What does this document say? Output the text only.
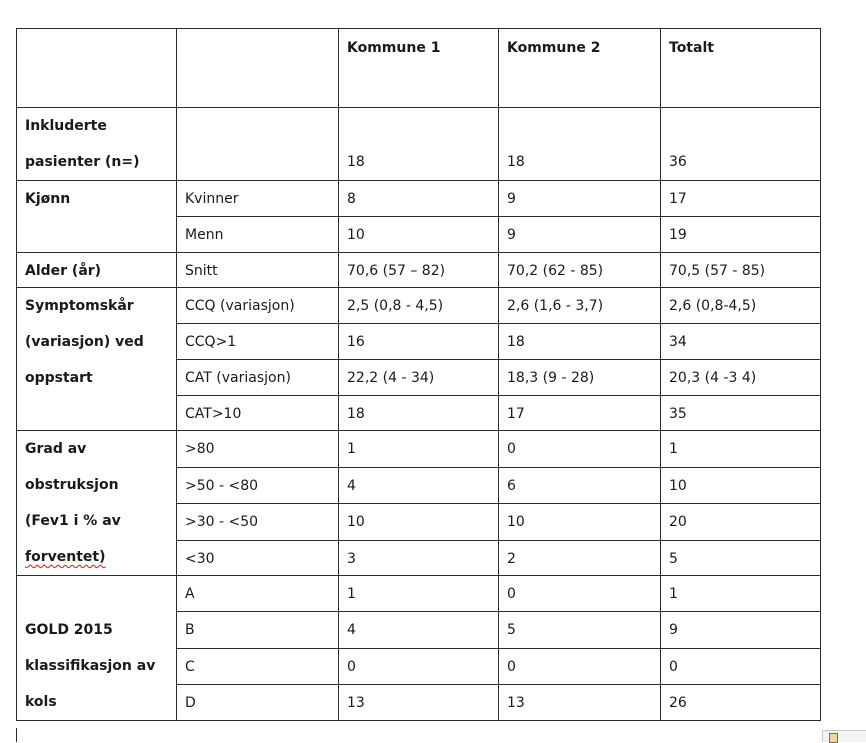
		Kommune 1	Kommune 2	Totalt

Inkluderte
pasienter (n=)		18	18	36

Kjønn	Kvinner	8	9	17
	Menn	10	9	19
Alder (år)	Snitt	70,6 (57 – 82)	70,2 (62 - 85)	70,5 (57 - 85)

Symptomskår
(variasjon) ved
oppstart	CCQ (variasjon)	2,5 (0,8 - 4,5)	2,6 (1,6 - 3,7)	2,6 (0,8-4,5)
	CCQ>1	16	18	34
	CAT (variasjon)	22,2 (4 - 34)	18,3 (9 - 28)	20,3 (4 -3 4)
	CAT>10	18	17	35

Grad av
obstruksjon
(Fev1 i % av
forventet)	>80	1	0	1
	>50 - <80	4	6	10
	>30 - <50	10	10	20
	<30	3	2	5

GOLD 2015
klassifikasjon av
kols	A	1	0	1
	B	4	5	9
	C	0	0	0
	D	13	13	26
